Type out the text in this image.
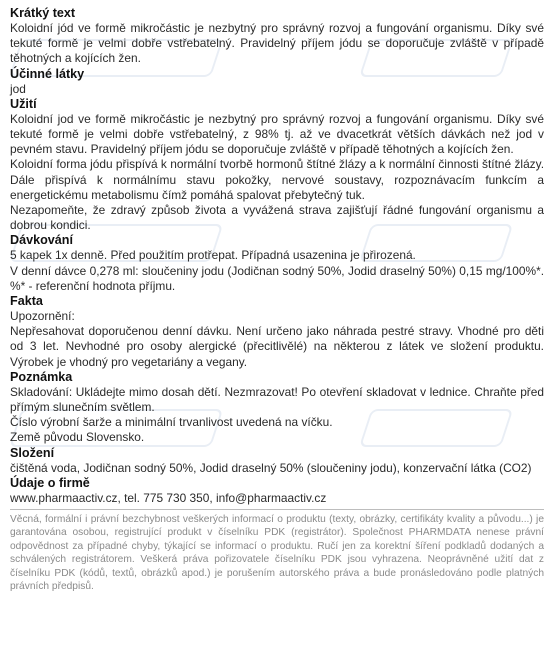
Krátký text

Koloidní jód ve formě mikročástic je nezbytný pro správný rozvoj a fungování organismu. Díky své tekuté formě je velmi dobře vstřebatelný. Pravidelný příjem jódu se doporučuje zvláště v případě těhotných a kojících žen.

Účinné látky

jod

Užití

Koloidní jod ve formě mikročástic je nezbytný pro správný rozvoj a fungování organismu. Díky své tekuté formě je velmi dobře vstřebatelný, z 98% tj. až ve dvacetkrát větších dávkách než jod v pevném stavu. Pravidelný příjem jódu se doporučuje zvláště v případě těhotných a kojících žen.

Koloidní forma jódu přispívá k normální tvorbě hormonů štítné žlázy a k normální činnosti štítné žlázy. Dále přispívá k normálnímu stavu pokožky, nervové soustavy, rozpoznávacím funkcím a energetickému metabolismu čímž pomáhá spalovat přebytečný tuk.

Nezapomeňte, že zdravý způsob života a vyvážená strava zajišťují řádné fungování organismu a dobrou kondici.

Dávkování

5 kapek 1x denně. Před použitím protřepat. Případná usazenina je přirozená.

V denní dávce 0,278 ml: sloučeniny jodu (Jodičnan sodný 50%, Jodid draselný 50%) 0,15 mg/100%*. %* - referenční hodnota příjmu.

Fakta

Upozornění:

Nepřesahovat doporučenou denní dávku. Není určeno jako náhrada pestré stravy. Vhodné pro děti od 3 let. Nevhodné pro osoby alergické (přecitlivělé) na některou z látek ve složení produktu. Výrobek je vhodný pro vegetariány a vegany.

Poznámka

Skladování: Ukládejte mimo dosah dětí. Nezmrazovat! Po otevření skladovat v lednice. Chraňte před přímým slunečním světlem.

Číslo výrobní šarže a minimální trvanlivost uvedená na víčku.

Země původu Slovensko.

Složení

čištěná voda, Jodičnan sodný 50%, Jodid draselný 50% (sloučeniny jodu), konzervační látka (CO2)

Údaje o firmě

www.pharmaactiv.cz, tel. 775 730 350, info@pharmaactiv.cz

Věcná, formální i právní bezchybnost veškerých informací o produktu (texty, obrázky, certifikáty kvality a původu...) je garantována osobou, registrující produkt v číselníku PDK (registrátor). Společnost PHARMDATA nenese právní odpovědnost za případné chyby, týkající se informací o produktu. Ručí jen za korektní šíření podkladů dodaných a schválených registrátorem. Veškerá práva pořizovatele číselníku PDK jsou vyhrazena. Neoprávněné užití dat z číselníku PDK (kódů, textů, obrázků apod.) je porušením autorského práva a bude pronásledováno podle platných právních předpisů.
